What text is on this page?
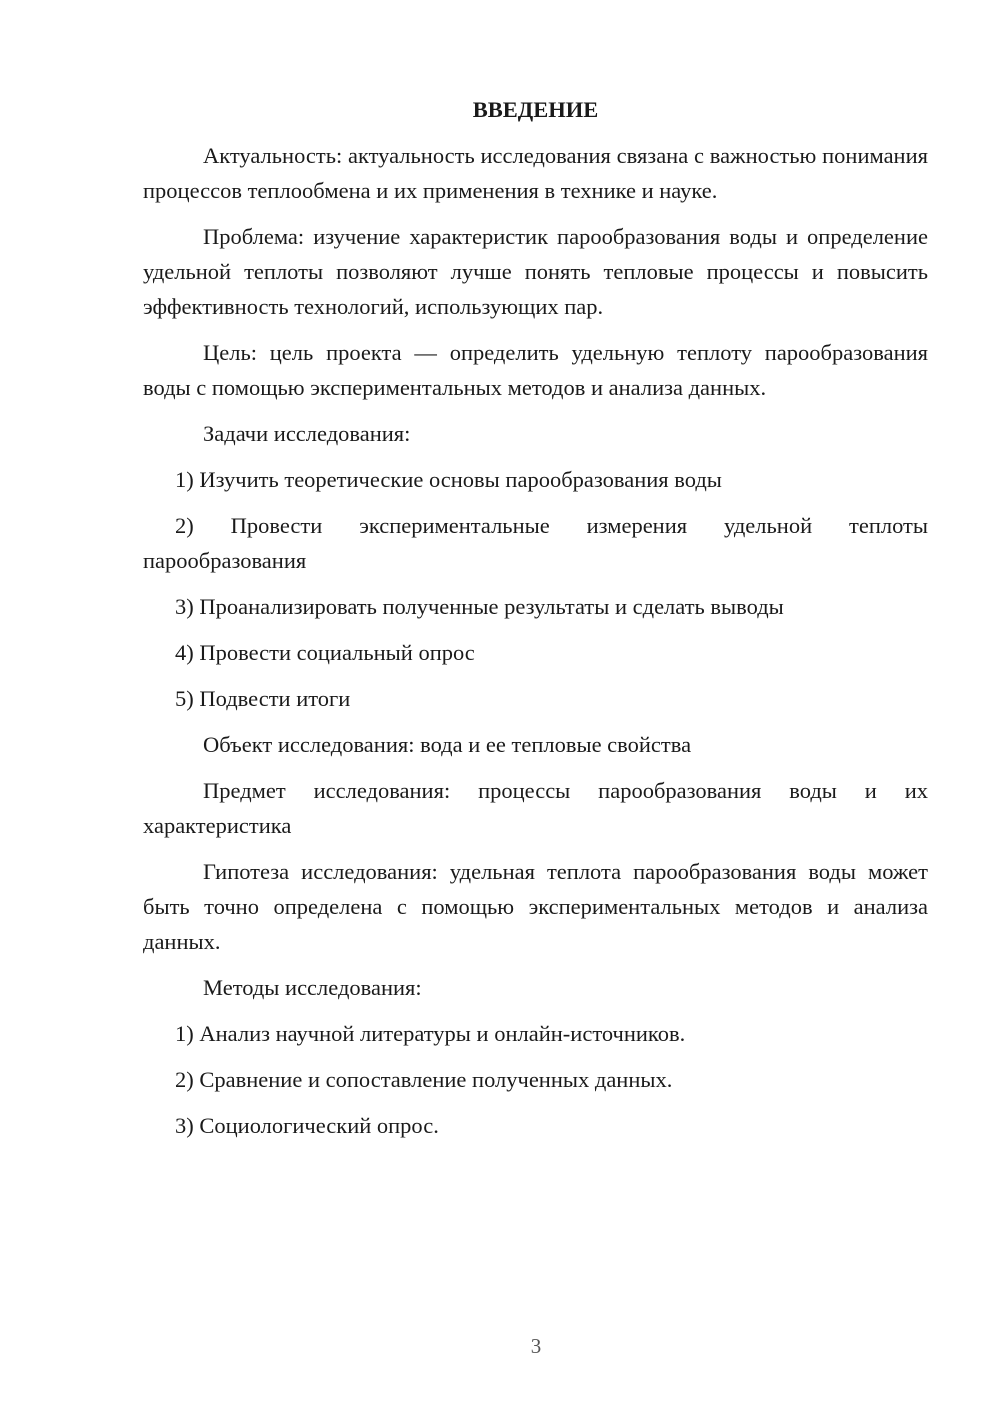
ВВЕДЕНИЕ

Актуальность: актуальность исследования связана с важностью понимания процессов теплообмена и их применения в технике и науке.

Проблема: изучение характеристик парообразования воды и определение удельной теплоты позволяют лучше понять тепловые процессы и повысить эффективность технологий, использующих пар.

Цель: цель проекта — определить удельную теплоту парообразования воды с помощью экспериментальных методов и анализа данных.

Задачи исследования:

1) Изучить теоретические основы парообразования воды

2) Провести экспериментальные измерения удельной теплоты парообразования

3) Проанализировать полученные результаты и сделать выводы

4) Провести социальный опрос

5) Подвести итоги

Объект исследования: вода и ее тепловые свойства

Предмет исследования: процессы парообразования воды и их характеристика

Гипотеза исследования: удельная теплота парообразования воды может быть точно определена с помощью экспериментальных методов и анализа данных.

Методы исследования:

1) Анализ научной литературы и онлайн-источников.

2) Сравнение и сопоставление полученных данных.

3) Социологический опрос.

3
